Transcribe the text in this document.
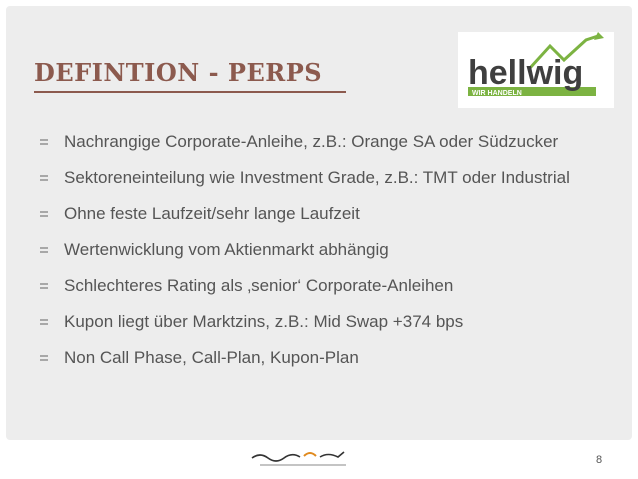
DEFINTION - PERPS	hellwig
WIR HANDELN
Nachrangige Corporate-Anleihe, z.B.: Orange SA oder Südzucker
Sektoreneinteilung wie Investment Grade, z.B.: TMT oder Industrial
Ohne feste Laufzeit/sehr lange Laufzeit
Wertenwicklung vom Aktienmarkt abhängig
Schlechteres Rating als ‚senior‘ Corporate-Anleihen
Kupon liegt über Marktzins, z.B.: Mid Swap +374 bps
Non Call Phase, Call-Plan, Kupon-Plan
8
